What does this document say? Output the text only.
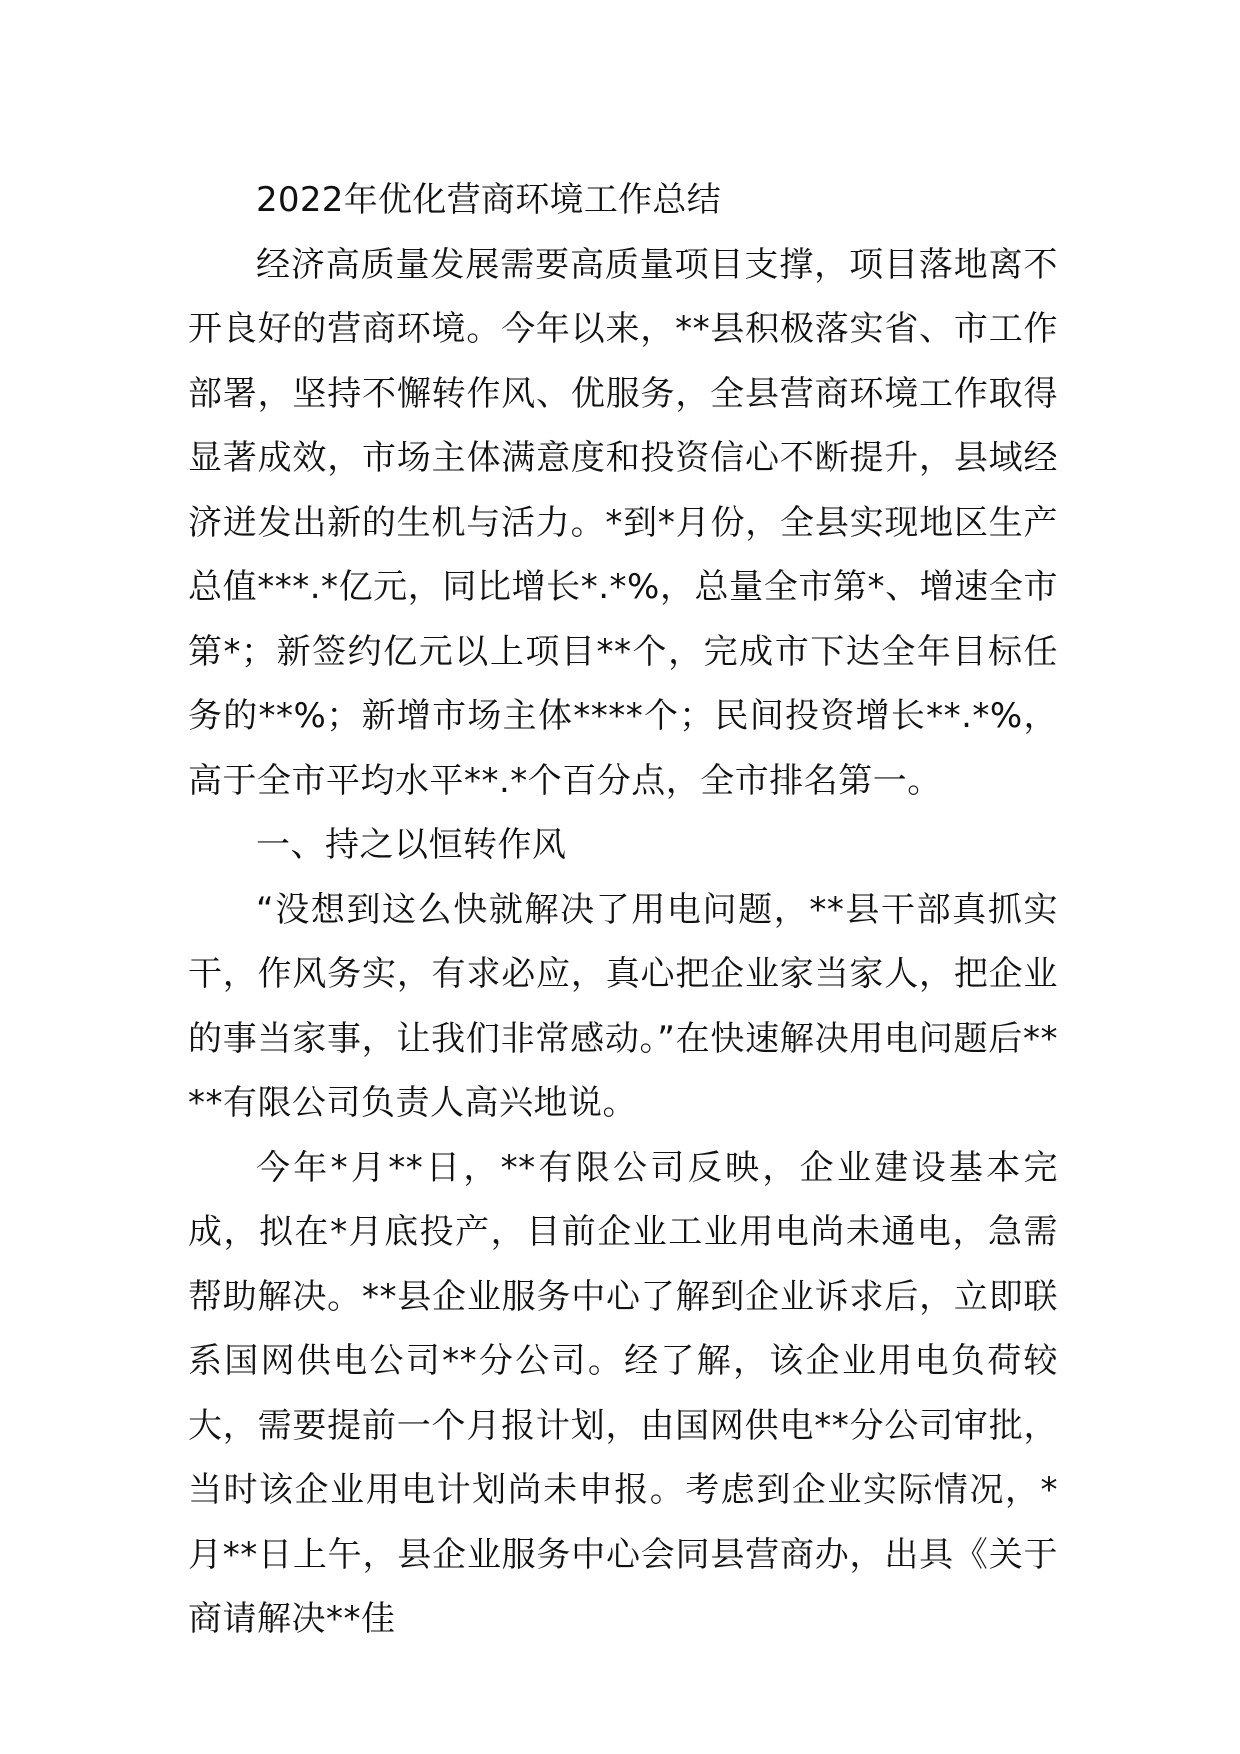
2022年优化营商环境工作总结

经济高质量发展需要高质量项目支撑，项目落地离不开良好的营商环境。今年以来，**县积极落实省、市工作部署，坚持不懈转作风、优服务，全县营商环境工作取得显著成效，市场主体满意度和投资信心不断提升，县域经济迸发出新的生机与活力。*到*月份，全县实现地区生产总值***.*亿元，同比增长*.*%，总量全市第*、增速全市第*；新签约亿元以上项目**个，完成市下达全年目标任务的**%；新增市场主体****个；民间投资增长**.*%，高于全市平均水平**.*个百分点，全市排名第一。

一、持之以恒转作风

“没想到这么快就解决了用电问题，**县干部真抓实干，作风务实，有求必应，真心把企业家当家人，把企业的事当家事，让我们非常感动。”在快速解决用电问题后****有限公司负责人高兴地说。

今年*月**日，**有限公司反映，企业建设基本完成，拟在*月底投产，目前企业工业用电尚未通电，急需帮助解决。**县企业服务中心了解到企业诉求后，立即联系国网供电公司**分公司。经了解，该企业用电负荷较大，需要提前一个月报计划，由国网供电**分公司审批，当时该企业用电计划尚未申报。考虑到企业实际情况，*月**日上午，县企业服务中心会同县营商办，出具《关于商请解决**佳
